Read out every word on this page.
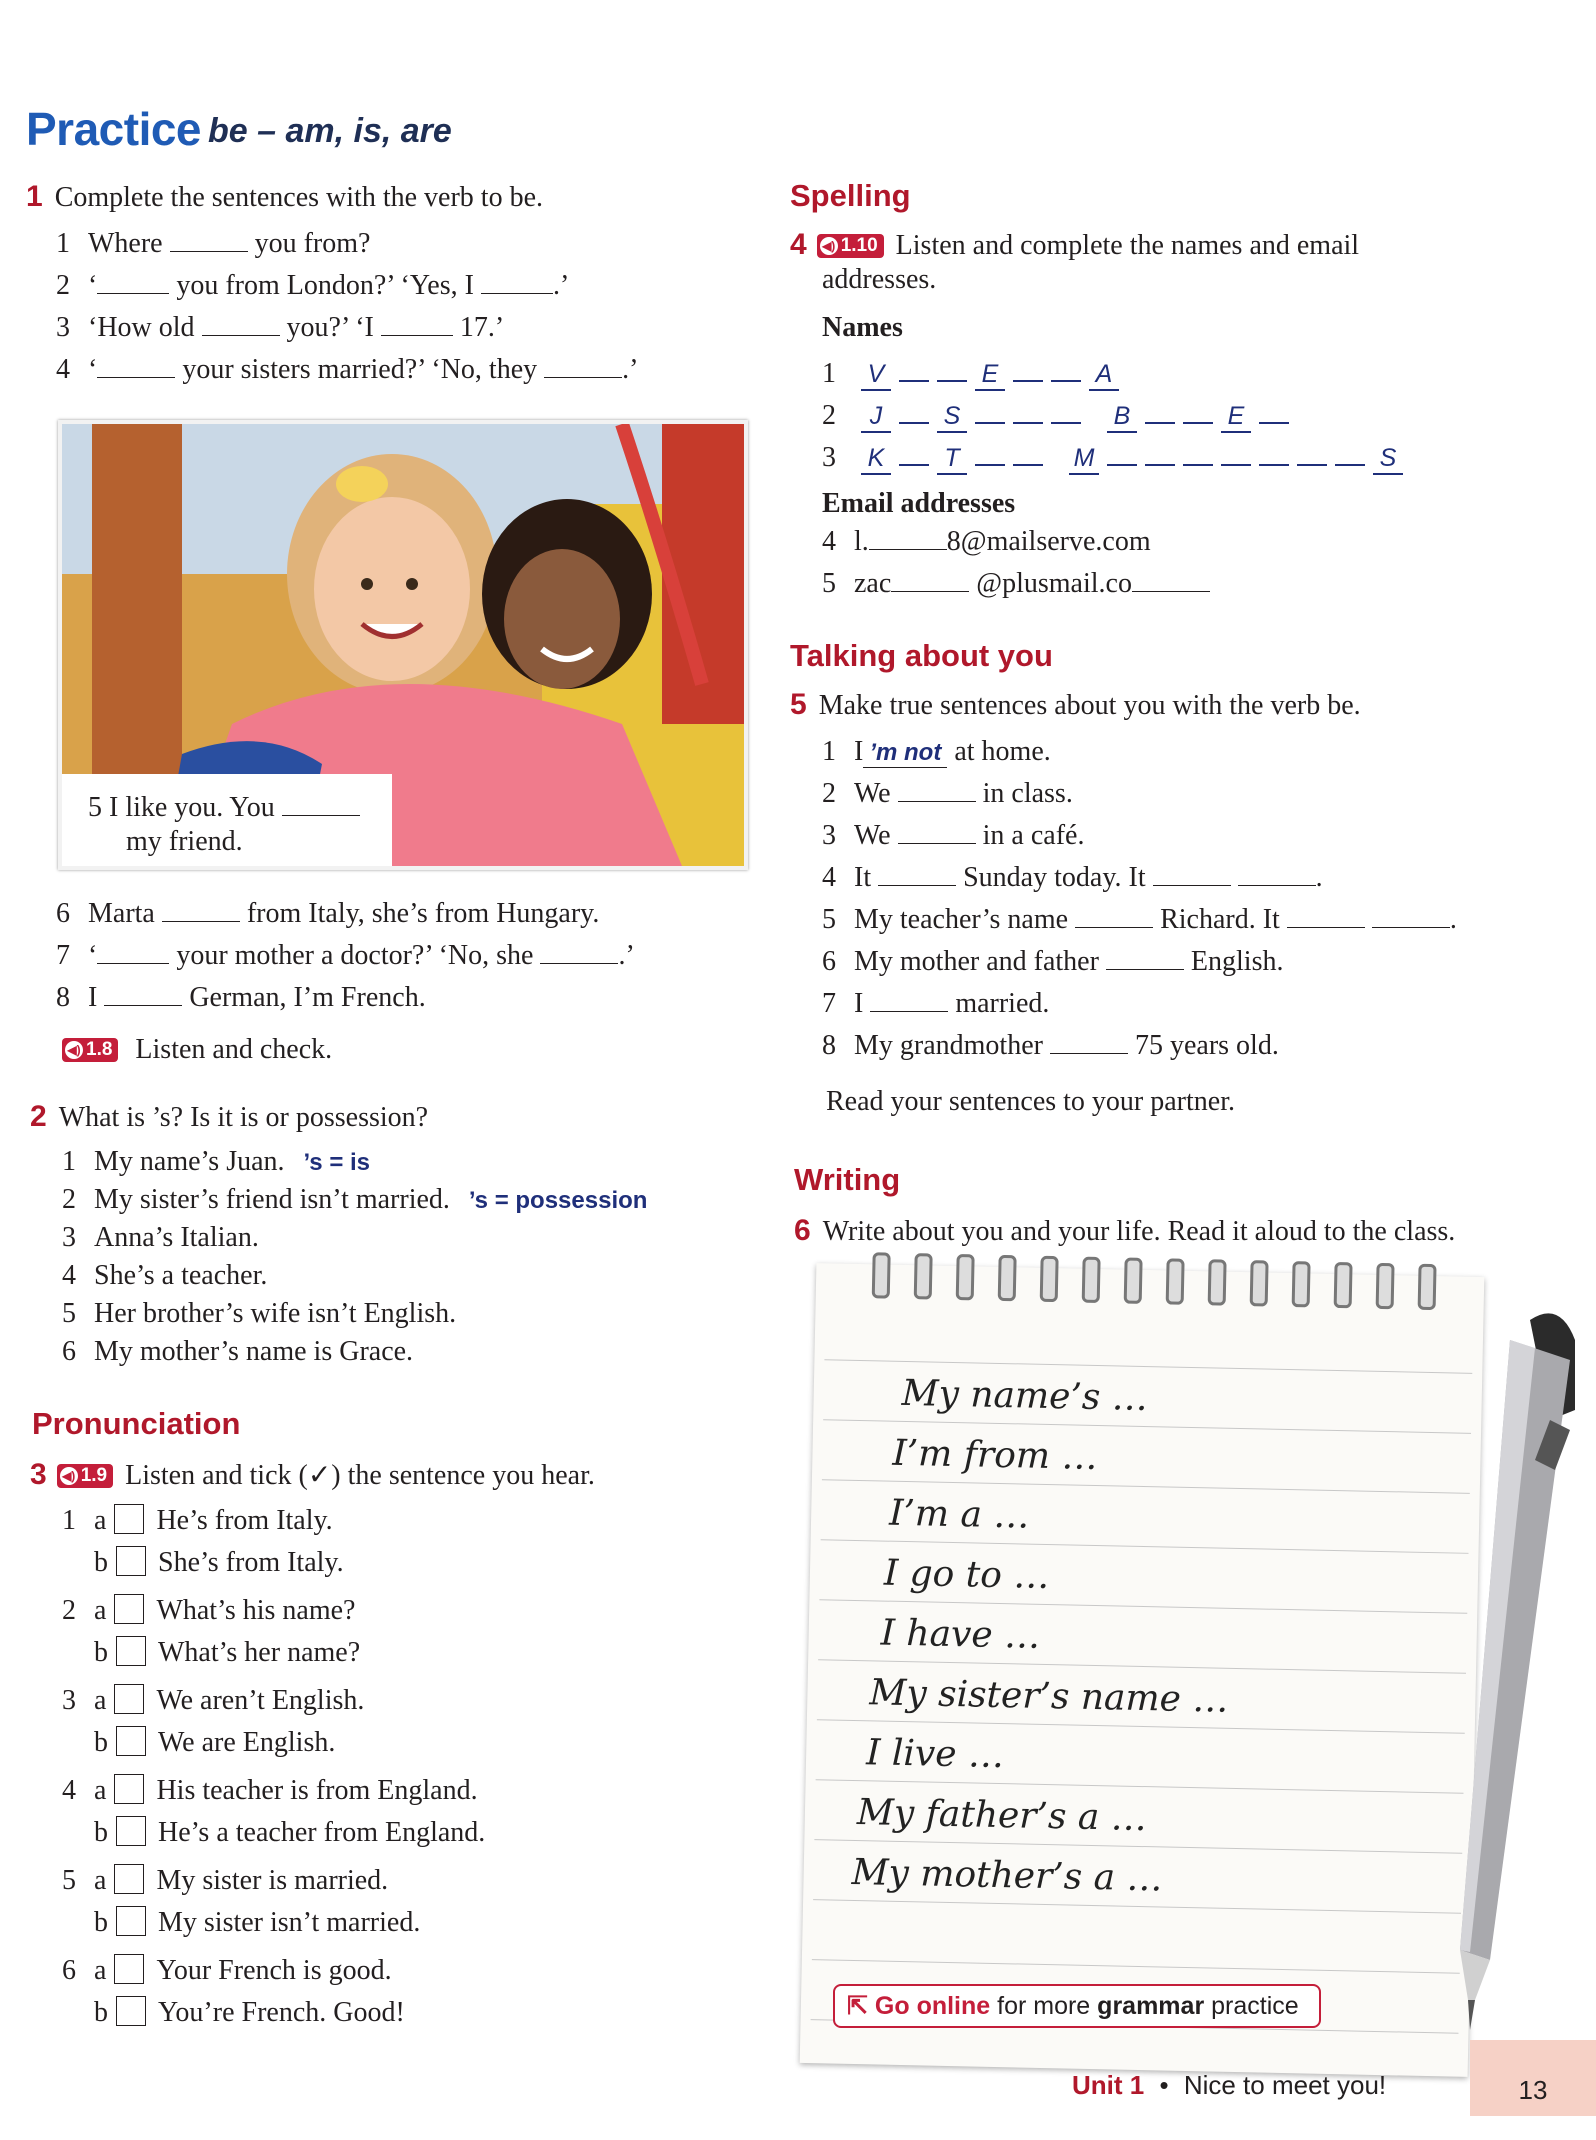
Practice be – am, is, are
1 Complete the sentences with the verb to be.
1 Where	you from?
2 ‘	you from London?’ ‘Yes, I	.’
3 ‘How old	you?’ ‘I	17.’
4 ‘	your sisters married?’ ‘No, they	.’
5 I like you. You
my friend.
6 Marta	from Italy, she’s from Hungary.
7 ‘	your mother a doctor?’ ‘No, she	.’
8 I	German, I’m French.
◀) 1.8 Listen and check.
2 What is ’s? Is it is or possession?
1 My name’s Juan. ’s = is
2 My sister’s friend isn’t married. ’s = possession
3 Anna’s Italian.
4 She’s a teacher.
5 Her brother’s wife isn’t English.
6 My mother’s name is Grace.
Pronunciation
3 ◀) 1.9 Listen and tick (✓) the sentence you hear.
1 a He’s from Italy.
b She’s from Italy.
2 a What’s his name?
b What’s her name?
3 a We aren’t English.
b We are English.
4 a His teacher is from England.
b He’s a teacher from England.
5 a My sister is married.
b My sister isn’t married.
6 a Your French is good.
b You’re French. Good!
Spelling
4 ◀) 1.10 Listen and complete the names and email
addresses.
Names
1 V	E	A
2 J S	B	E
3 K T	M	S
Email addresses
4 l.	8@mailserve.com
5 zac	@plusmail.co
Talking about you
5 Make true sentences about you with the verb be.
1 I ’m not at home.
2 We	in class.
3 We	in a café.
4 It	Sunday today. It	.
5 My teacher’s name	Richard. It	.
6 My mother and father	English.
7 I	married.
8 My grandmother	75 years old.
Read your sentences to your partner.
Writing
6 Write about you and your life. Read it aloud to the class.
My name’s …
I’m from …
I’m a …
I go to …
I have …
My sister’s name …
I live …
My father’s a …
My mother’s a …
⇱ Go online for more grammar practice
Unit 1 • Nice to meet you!	13
